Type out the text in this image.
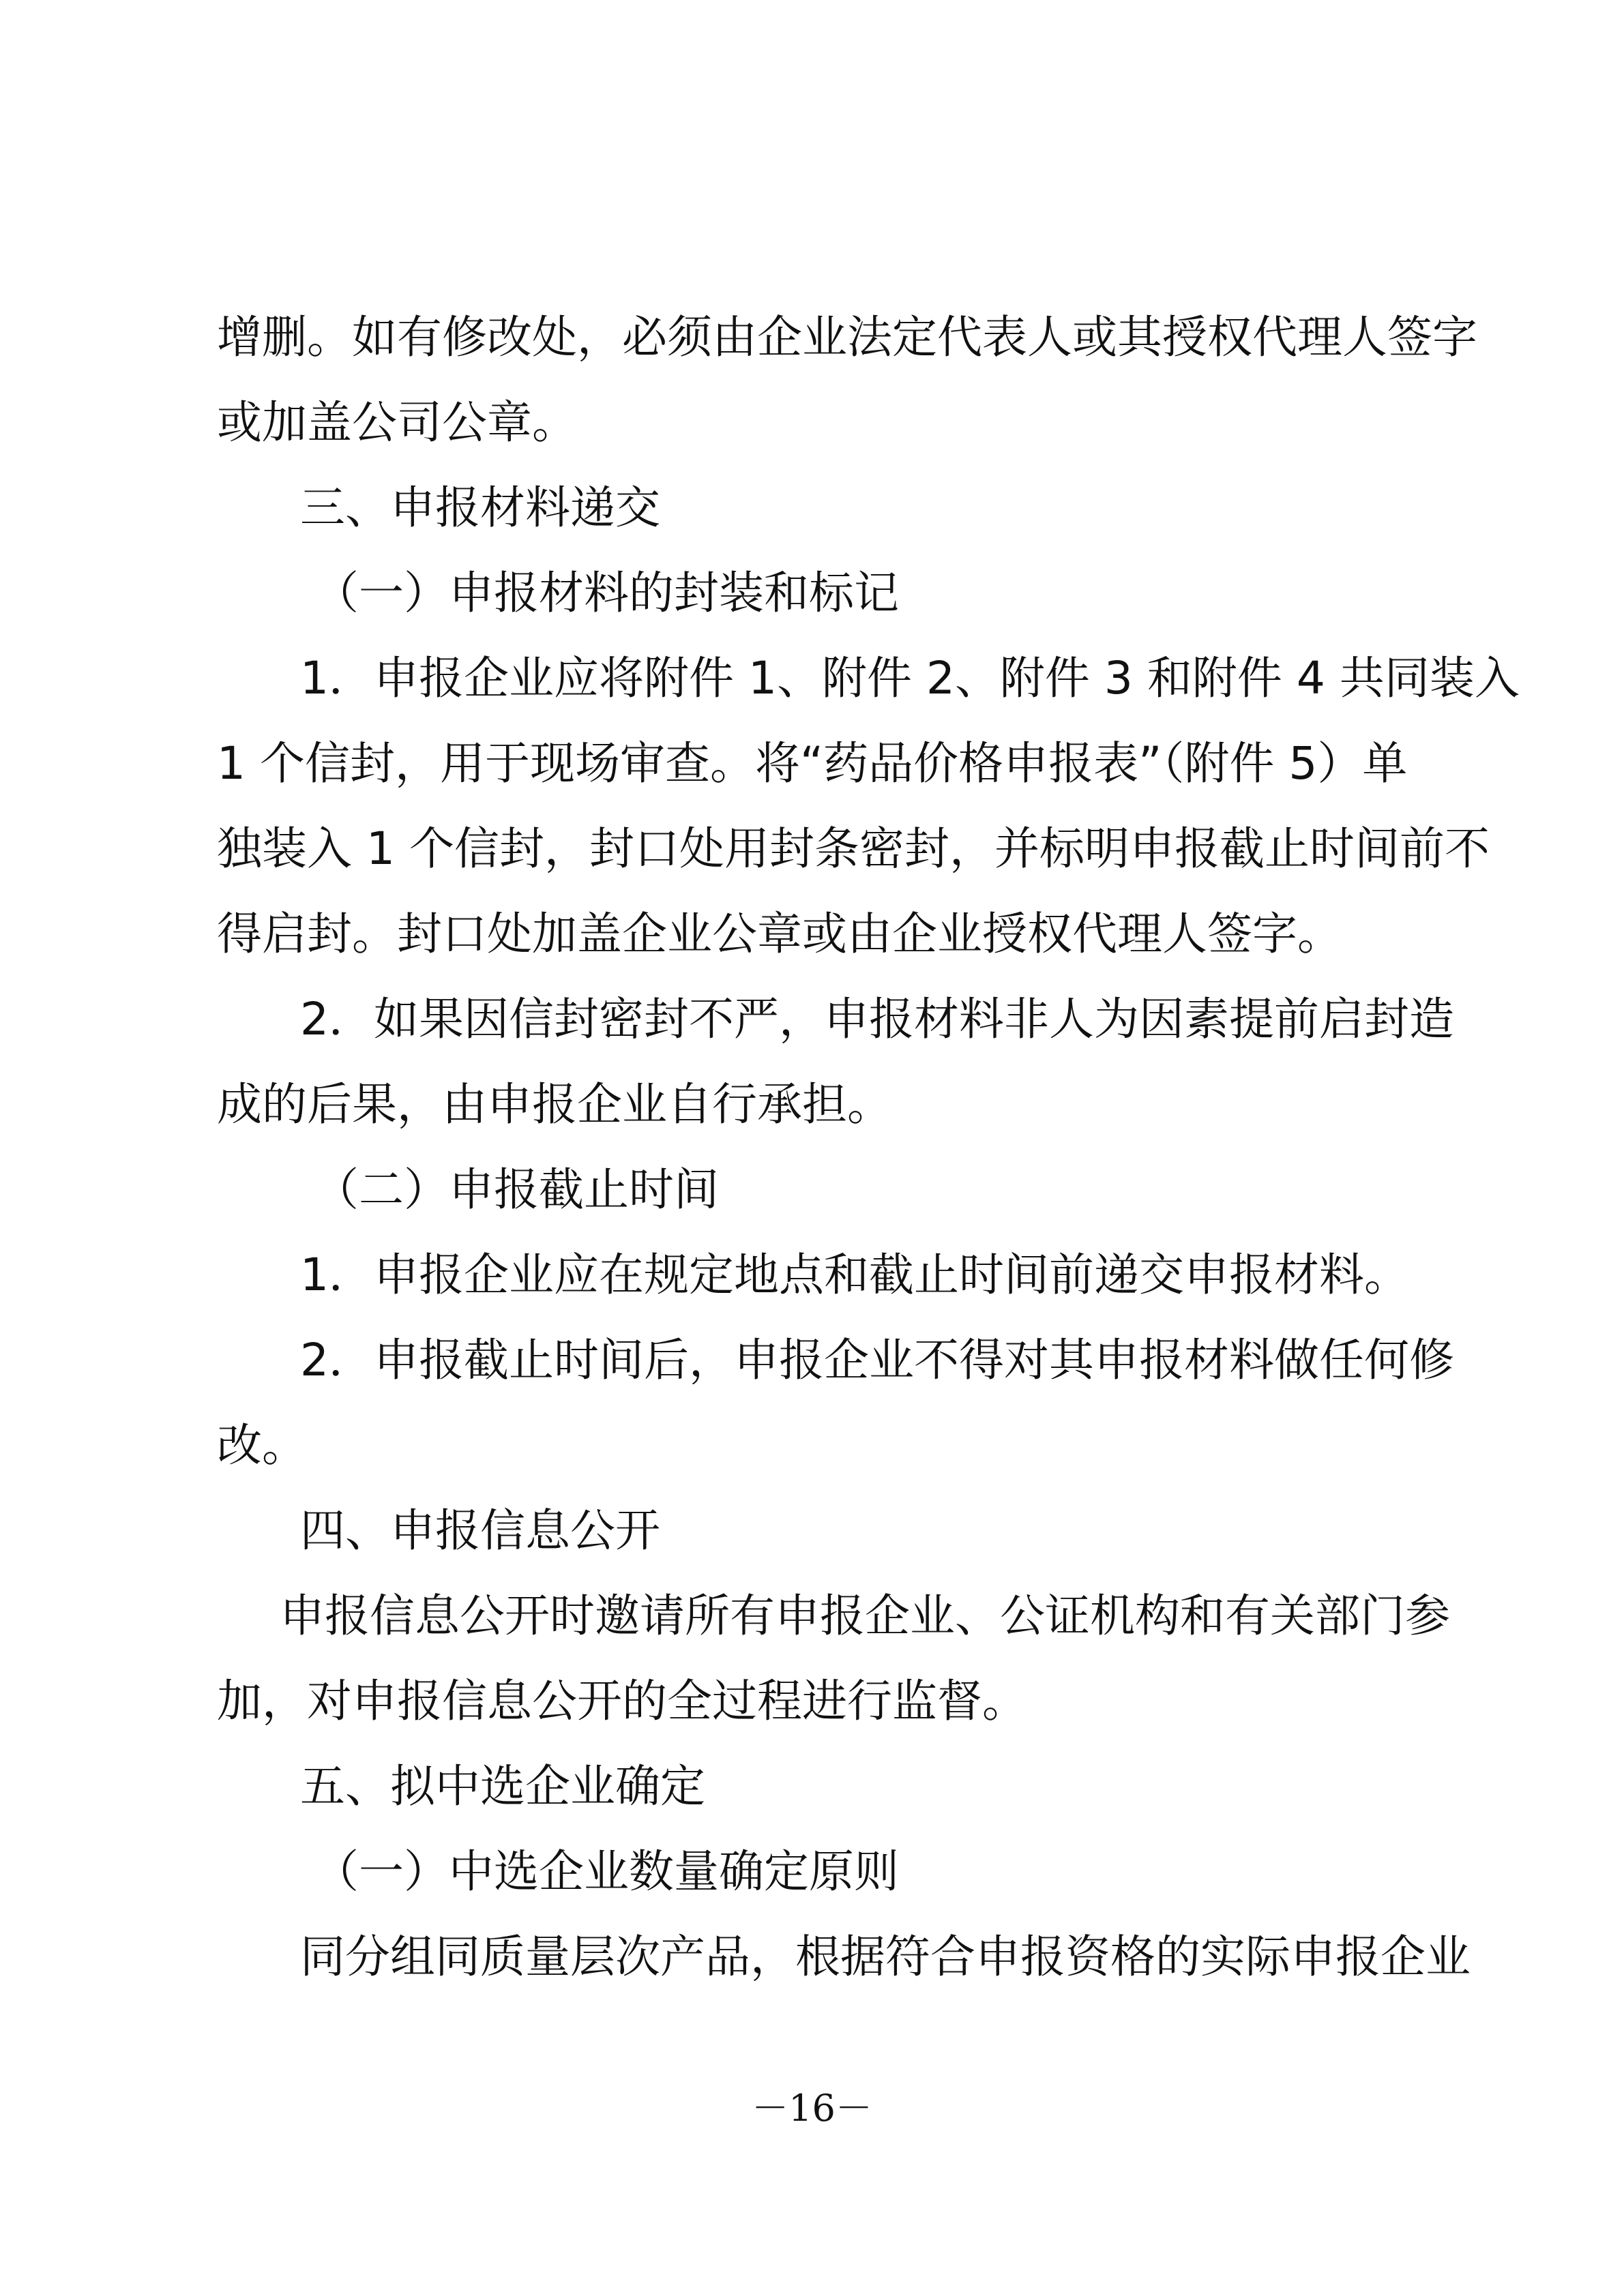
增删。如有修改处，必须由企业法定代表人或其授权代理人签字
或加盖公司公章。
三、申报材料递交
（一）申报材料的封装和标记
1．申报企业应将附件 1、附件 2、附件 3 和附件 4 共同装入
1 个信封，用于现场审查。将“药品价格申报表”（附件 5）单
独装入 1 个信封，封口处用封条密封，并标明申报截止时间前不
得启封。封口处加盖企业公章或由企业授权代理人签字。
2．如果因信封密封不严，申报材料非人为因素提前启封造
成的后果，由申报企业自行承担。
（二）申报截止时间
1．申报企业应在规定地点和截止时间前递交申报材料。
2．申报截止时间后，申报企业不得对其申报材料做任何修
改。
四、申报信息公开
申报信息公开时邀请所有申报企业、公证机构和有关部门参
加，对申报信息公开的全过程进行监督。
五、拟中选企业确定
（一）中选企业数量确定原则
同分组同质量层次产品，根据符合申报资格的实际申报企业
－16－
